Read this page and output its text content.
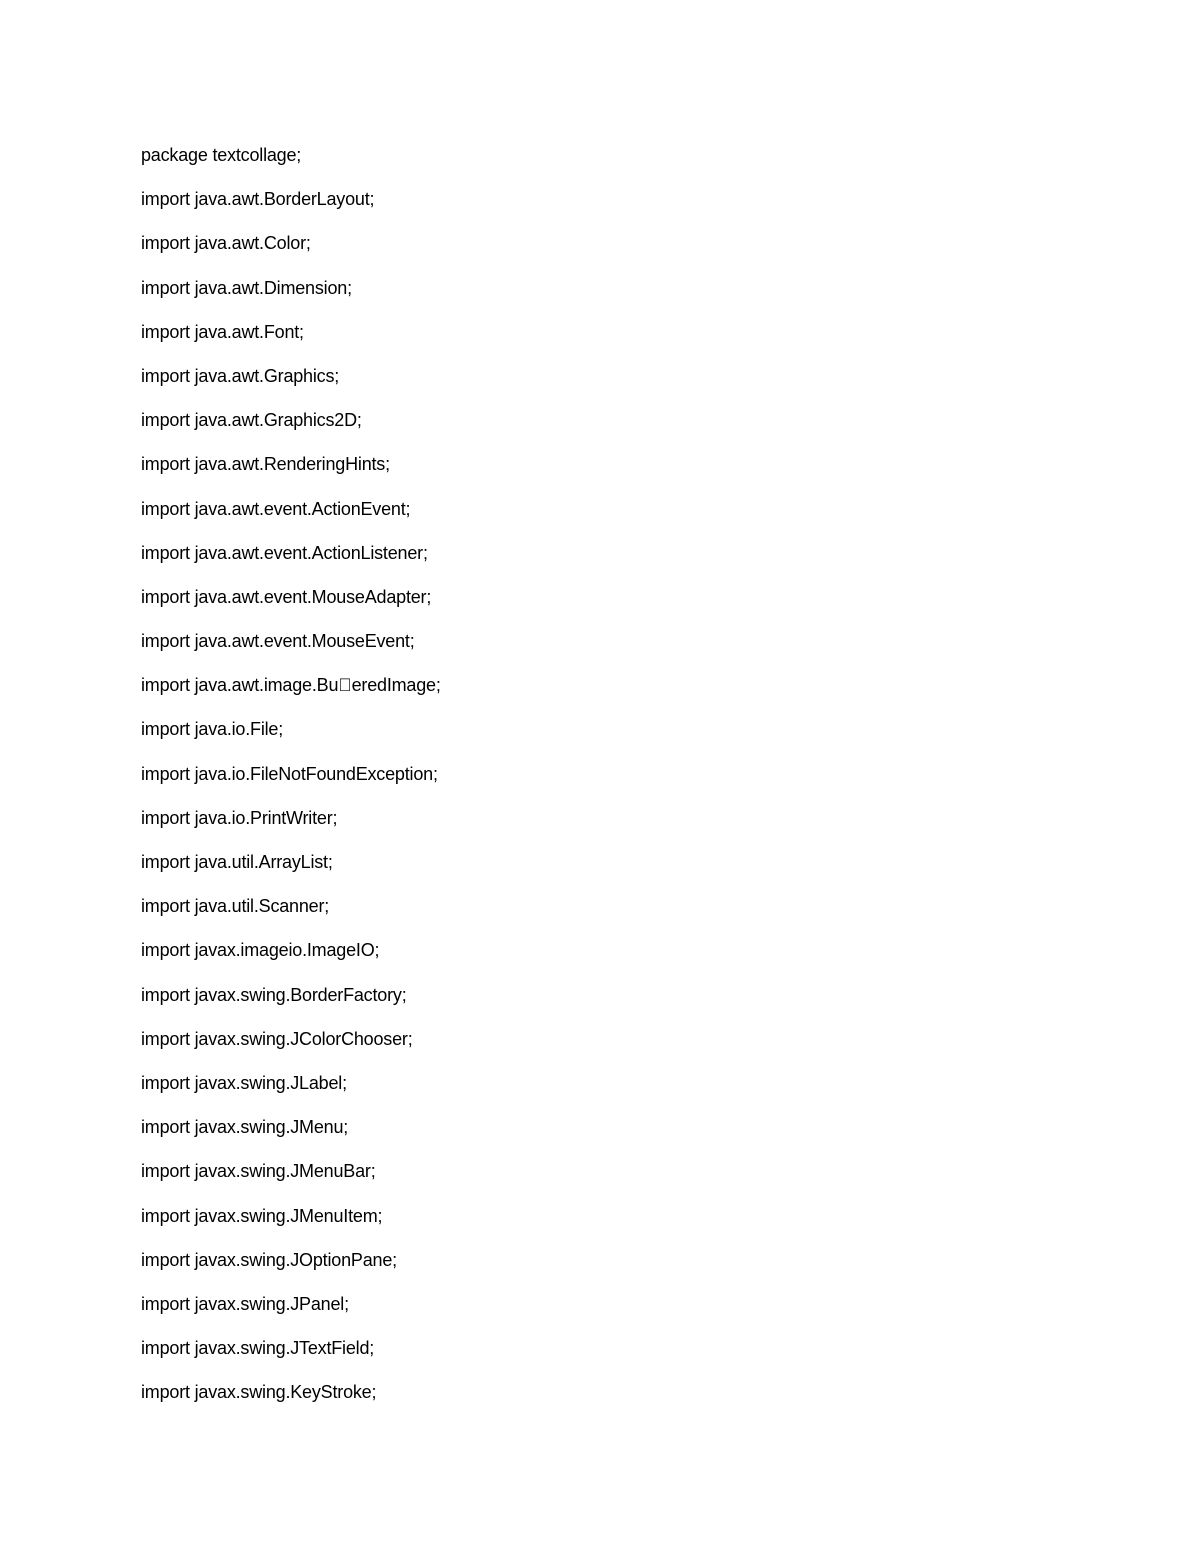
package textcollage;
import java.awt.BorderLayout;
import java.awt.Color;
import java.awt.Dimension;
import java.awt.Font;
import java.awt.Graphics;
import java.awt.Graphics2D;
import java.awt.RenderingHints;
import java.awt.event.ActionEvent;
import java.awt.event.ActionListener;
import java.awt.event.MouseAdapter;
import java.awt.event.MouseEvent;
import java.awt.image.Bu eredImage;
import java.io.File;
import java.io.FileNotFoundException;
import java.io.PrintWriter;
import java.util.ArrayList;
import java.util.Scanner;
import javax.imageio.ImageIO;
import javax.swing.BorderFactory;
import javax.swing.JColorChooser;
import javax.swing.JLabel;
import javax.swing.JMenu;
import javax.swing.JMenuBar;
import javax.swing.JMenuItem;
import javax.swing.JOptionPane;
import javax.swing.JPanel;
import javax.swing.JTextField;
import javax.swing.KeyStroke;
